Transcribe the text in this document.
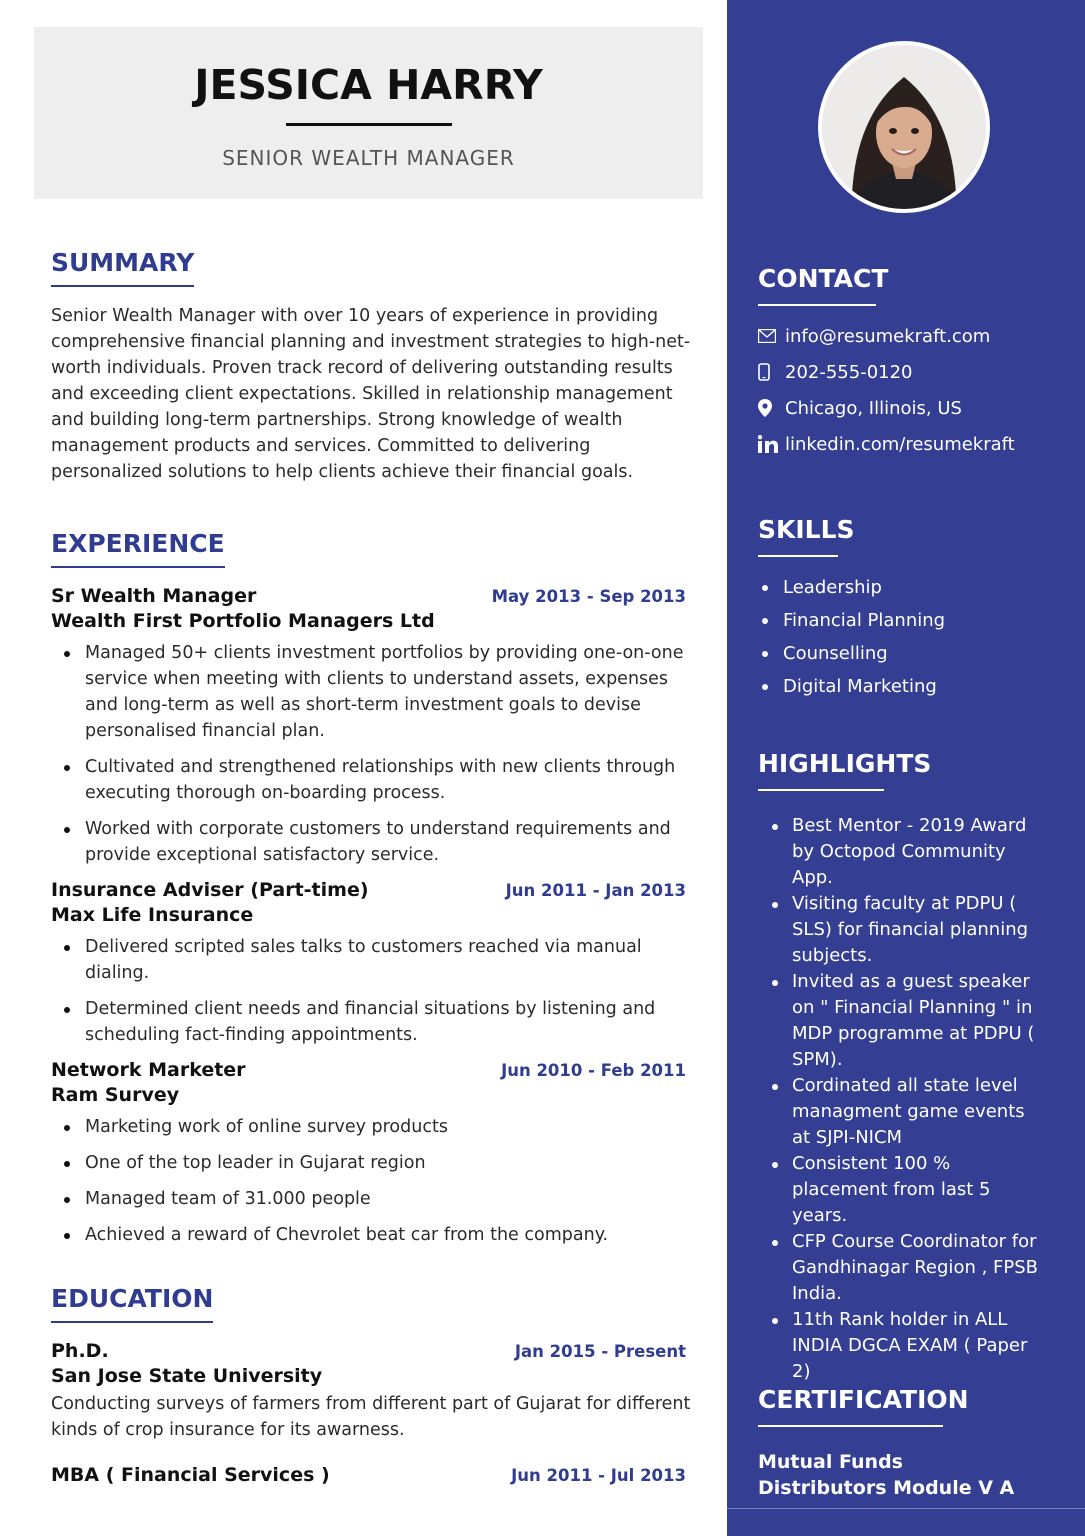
JESSICA HARRY
SENIOR WEALTH MANAGER
SUMMARY

Senior Wealth Manager with over 10 years of experience in providing comprehensive financial planning and investment strategies to high-net-worth individuals. Proven track record of delivering outstanding results and exceeding client expectations. Skilled in relationship management and building long-term partnerships. Strong knowledge of wealth management products and services. Committed to delivering personalized solutions to help clients achieve their financial goals.

EXPERIENCE
Sr Wealth Manager	May 2013 - Sep 2013
Wealth First Portfolio Managers Ltd
Managed 50+ clients investment portfolios by providing one-on-one service when meeting with clients to understand assets, expenses and long-term as well as short-term investment goals to devise personalised financial plan.
Cultivated and strengthened relationships with new clients through executing thorough on-boarding process.
Worked with corporate customers to understand requirements and provide exceptional satisfactory service.
Insurance Adviser (Part-time)	Jun 2011 - Jan 2013
Max Life Insurance
Delivered scripted sales talks to customers reached via manual dialing.
Determined client needs and financial situations by listening and scheduling fact-finding appointments.
Network Marketer	Jun 2010 - Feb 2011
Ram Survey
Marketing work of online survey products
One of the top leader in Gujarat region
Managed team of 31.000 people
Achieved a reward of Chevrolet beat car from the company.
EDUCATION
Ph.D.	Jan 2015 - Present
San Jose State University

Conducting surveys of farmers from different part of Gujarat for different kinds of crop insurance for its awarness.

MBA ( Financial Services )	Jun 2011 - Jul 2013
CONTACT
info@resumekraft.com
202-555-0120
Chicago, Illinois, US
linkedin.com/resumekraft
SKILLS
Leadership
Financial Planning
Counselling
Digital Marketing
HIGHLIGHTS
Best Mentor - 2019 Award by Octopod Community App.
Visiting faculty at PDPU ( SLS) for financial planning subjects.
Invited as a guest speaker on " Financial Planning " in MDP programme at PDPU ( SPM).
Cordinated all state level managment game events at SJPI-NICM
Consistent 100 % placement from last 5 years.
CFP Course Coordinator for Gandhinagar Region , FPSB India.
11th Rank holder in ALL INDIA DGCA EXAM ( Paper 2)
CERTIFICATION
Mutual Funds Distributors Module V A
